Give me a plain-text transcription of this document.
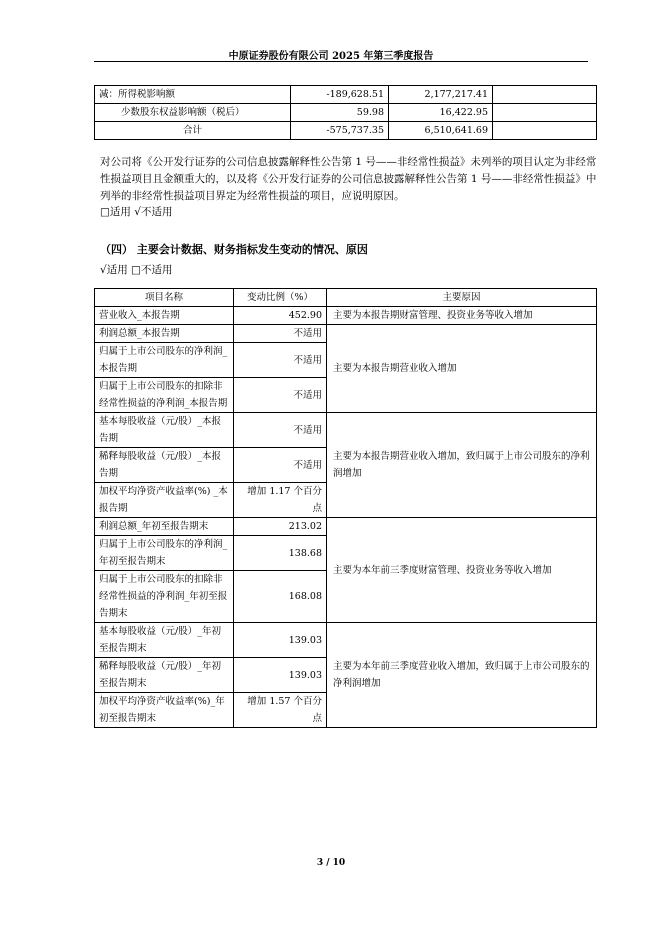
中原证券股份有限公司 2025 年第三季度报告
减：所得税影响额	-189,628.51	2,177,217.41	
少数股东权益影响额（税后）	59.98	16,422.95	
合计	-575,737.35	6,510,641.69	
对公司将《公开发行证券的公司信息披露解释性公告第 1 号——非经常性损益》未列举的项目认定为非经常性损益项目且金额重大的，以及将《公开发行证券的公司信息披露解释性公告第 1 号——非经常性损益》中列举的非经常性损益项目界定为经常性损益的项目，应说明原因。
□适用 √不适用
（四） 主要会计数据、财务指标发生变动的情况、原因
√适用 □不适用
项目名称	变动比例（%）	主要原因
营业收入_本报告期	452.90	主要为本报告期财富管理、投资业务等收入增加
利润总额_本报告期	不适用	主要为本报告期营业收入增加
归属于上市公司股东的净利润_本报告期	不适用	
归属于上市公司股东的扣除非经常性损益的净利润_本报告期	不适用	
基本每股收益（元/股）_本报告期	不适用	主要为本报告期营业收入增加，致归属于上市公司股东的净利润增加
稀释每股收益（元/股）_本报告期	不适用	
加权平均净资产收益率(%) _本报告期	增加 1.17 个百分点	
利润总额_年初至报告期末	213.02	主要为本年前三季度财富管理、投资业务等收入增加
归属于上市公司股东的净利润_年初至报告期末	138.68	
归属于上市公司股东的扣除非经常性损益的净利润_年初至报告期末	168.08	
基本每股收益（元/股）_年初至报告期末	139.03	主要为本年前三季度营业收入增加，致归属于上市公司股东的净利润增加
稀释每股收益（元/股）_年初至报告期末	139.03	
加权平均净资产收益率(%)_年初至报告期末	增加 1.57 个百分点	
3 / 10
